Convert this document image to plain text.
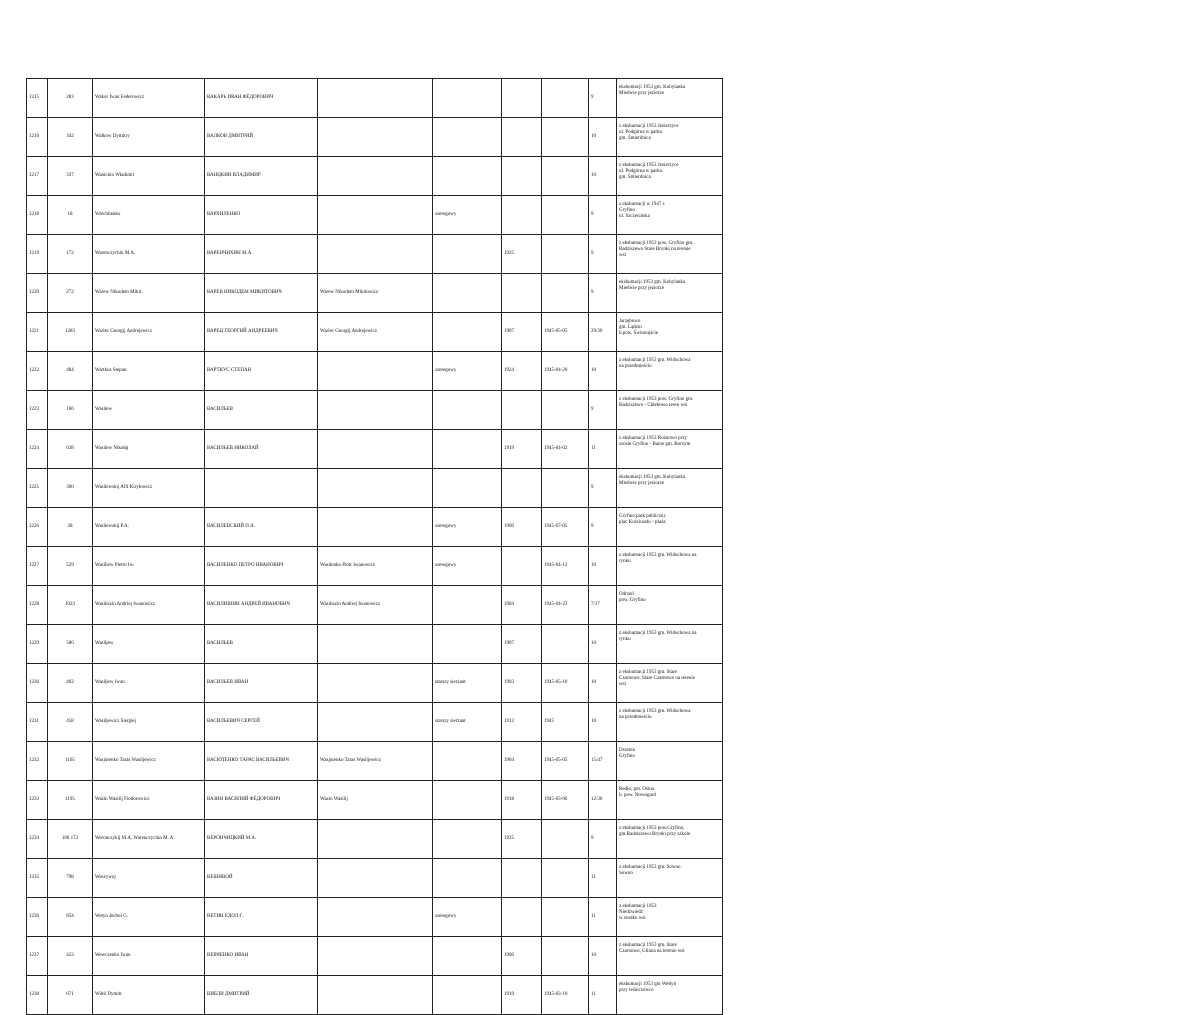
1215	283	Wakor Iwan Federowicz	ВАКАРЬ ИВАН ФЁДОРОВИЧ					9	ekshumacji 1953 gm. Kobylanka
Miedwie przy jeziorze
1216	342	Walkow Dymitry	ВАЛКОВ ДМИТРИЙ					10	z ekshumacji 1953 Jezierzyce
ul. Podgórna w parku
gm. Śmierdnica
1217	337	Wanickin Władimir	ВАНЦКИН ВЛАДИМИР					10	z ekshumacji 1953 Jezierzyce
ul. Podgórna w parku
gm. Śmierdnica
1218	18	Warchilenko	ВАРХИЛЕНКО		szeregowy			9	z ekshumacji w 1947 r.
Gryfino
ul. Szczecińska
1219	172	Warenczychin M.A.	ВАРЕНЧИХИН М.А.			1925		9	z ekshumacji 1953 pow. Gryfino gm.
Radziszewo Stare Brynki na terenie
wsi
1220	272	Warew Nikodem Mikit.	ВАРЕВ НИКОДЕМ МИКИТОВИЧ	Warew Nikodem Mikitowicz				9	ekshumacji 1953 gm. Kobylanka
Miedwie przy jeziorze
1221	1283	Warlec Georgij Andrejewicz	ВАРЕЦ ГЕОРГИЙ АНДРЕЕВИЧ	Warlec Georgij Andrejewicz		1907	1945-05-05	29/30	Jarzębowo
gm. Lądzin
b.pow. Świnoujście
1222	484	Wartkus Stepan	ВАРТКУС СТЕПАН		szeregowy	1924	1945-04-20	10	z ekshumacji 1953 gm. Widuchowa
na przedmieściu
1223	166	Wasilew	ВАСИЛЬЕВ					9	z ekshumacji 1953 pow. Gryfino gm.
Radziszewo - Chlebowo teren wsi
1224	638	Wasilew Nikołaj	ВАСИЛЬЕВ НИКОЛАЙ			1919	1945-04-02	11	z ekshumacji 1953 Rożnowo przy
szosie Gryfino - Banie gm. Borzym
1225	300	Wasilewskij Afil Kiryłowicz						9	ekshumacji 1953 gm. Kobylanka
Miedwie przy jeziorze
1226	38	Wasilewskij P.A.	ВАСИЛЕВСКИЙ П.А.		szeregowy	1900	1945-07-05	9	Gryfino park publiczny
plac Kościuszki - plaża
1227	529	Wasiliew Pietro Iw.	ВАСИЛЕНКО ПЕТРО ИВАНОВИЧ	Wasilenko Piotr Iwanowicz	szeregowy		1945-04-12	10	z ekshumacji 1953 gm. Widuchowa na
rynku
1228	1023	Wasiliszin Andriej Iwanowicz	ВАСИЛИШИН АНДРЕЙ ИВАНОВИЧ	Wasiliszin Andriej Iwanowicz		1904	1945-04-23	7/17	Odrzeń
pow. Gryfino
1229	580	Wasiljew	ВАСИЛЬЕВ			1907		10	z ekshumacji 1953 gm. Widuchowa na
rynku
1230	402	Wasiljew Iwan	ВАСИЛЬЕВ ИВАН		starszy sierżant	1903	1945-05-10	10	z ekshumacji 1953 gm. Stare
Czarnowo, Stare Czarnowo na terenie
wsi
1231	458	Wasiljewicz Siergiej	ВАСИЛЬЕВИЧ СЕРГЕЙ		starszy sierżant	1912	1945	10	z ekshumacji 1953 gm. Widuchowa
na przedmieściu
1232	1165	Wasjutenko Taras Wasiljewicz	ВАСЮТЕНКО ТАРАС ВАСИЛЬЕВИЧ	Wasjutenko Taras Wasiljewicz		1904	1945-05-05	15/47	Drzenin
Gryfino
1233	1195	Wazin Wasilij Fiodorowicz	ВАЗИН ВАСИЛИЙ ФЁДОРОВИЧ	Wazin Wasilij		1918	1945-03-06	12/36	Redło, gm. Ośina
b. pow. Nowogard
1234	168 172	Weronczykij M.A. Warenczychin M. A.	ВЕРОНЧИЦКИЙ М.А.			1925		9	z ekshumacji 1953 pow.Gryfino,
gm.Radziszewo Brynki przy szkole
1235	798	Weszywoj	ВЕШИВОЙ					11	z ekshumacji 1953 gm. Sowno
Sowno
1236	854	Wetyn Jechol G.	ВЕТИН ЕХОЛ Г.		szeregowy			11	z ekshumacji 1953
Niedźwiedź
w środku wsi
1237	423	Wewczenko Iwan	ВЕВЧЕНКО ИВАН			1900		10	z ekshumacji 1953 gm. Stare
Czarnowo, Glinna na terenie wsi
1238	671	Wibli Dymitr	ВИБЛИ ДМИТРИЙ			1919	1945-03-10	11	ekshumacji 1953 gm Wełtyń
przy leśniczówce
